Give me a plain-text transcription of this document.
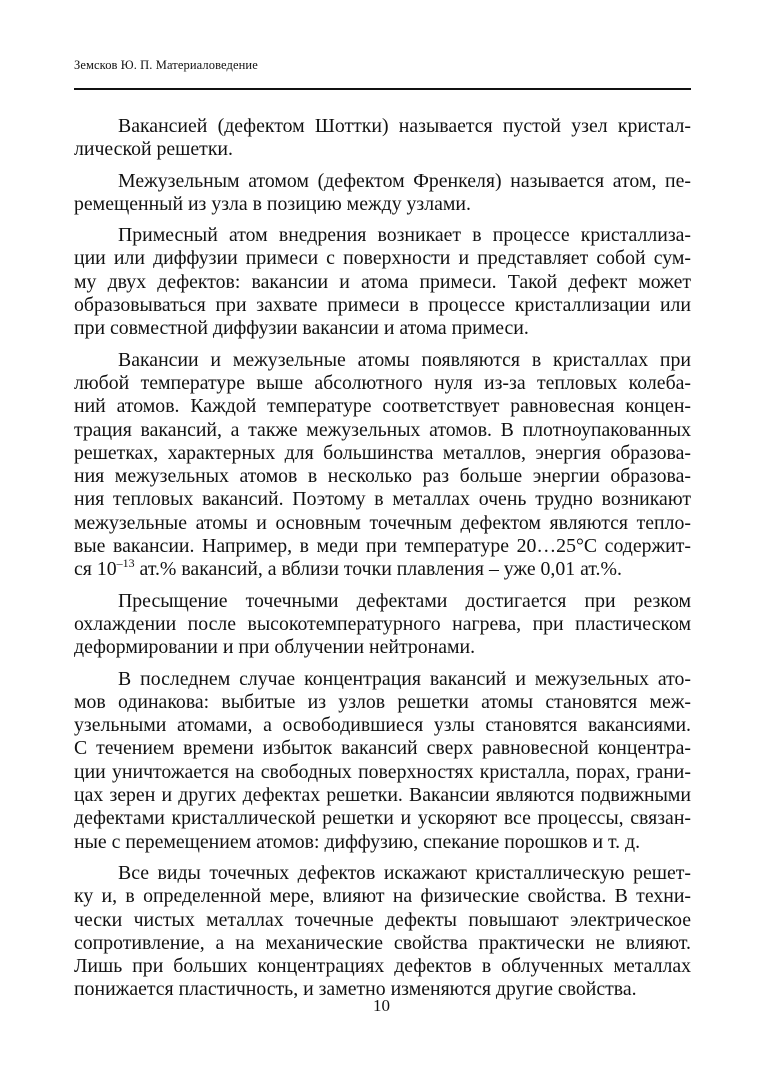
Земсков Ю. П. Материаловедение
Вакансией (дефектом Шоттки) называется пустой узел кристал-
лической решетки.
Межузельным атомом (дефектом Френкеля) называется атом, пе-
ремещенный из узла в позицию между узлами.
Примесный атом внедрения возникает в процессе кристаллиза-
ции или диффузии примеси с поверхности и представляет собой сум-
му двух дефектов: вакансии и атома примеси. Такой дефект может
образовываться при захвате примеси в процессе кристаллизации или
при совместной диффузии вакансии и атома примеси.
Вакансии и межузельные атомы появляются в кристаллах при
любой температуре выше абсолютного нуля из-за тепловых колеба-
ний атомов. Каждой температуре соответствует равновесная концен-
трация вакансий, а также межузельных атомов. В плотноупакованных
решетках, характерных для большинства металлов, энергия образова-
ния межузельных атомов в несколько раз больше энергии образова-
ния тепловых вакансий. Поэтому в металлах очень трудно возникают
межузельные атомы и основным точечным дефектом являются тепло-
вые вакансии. Например, в меди при температуре 20…25°С содержит-
ся $10^{-13}$ ат.% вакансий, а вблизи точки плавления – уже 0,01 ат.%.
Пресыщение точечными дефектами достигается при резком
охлаждении после высокотемпературного нагрева, при пластическом
деформировании и при облучении нейтронами.
В последнем случае концентрация вакансий и межузельных ато-
мов одинакова: выбитые из узлов решетки атомы становятся меж-
узельными атомами, а освободившиеся узлы становятся вакансиями.
С течением времени избыток вакансий сверх равновесной концентра-
ции уничтожается на свободных поверхностях кристалла, порах, грани-
цах зерен и других дефектах решетки. Вакансии являются подвижными
дефектами кристаллической решетки и ускоряют все процессы, связан-
ные с перемещением атомов: диффузию, спекание порошков и т. д.
Все виды точечных дефектов искажают кристаллическую решет-
ку и, в определенной мере, влияют на физические свойства. В техни-
чески чистых металлах точечные дефекты повышают электрическое
сопротивление, а на механические свойства практически не влияют.
Лишь при больших концентрациях дефектов в облученных металлах
понижается пластичность, и заметно изменяются другие свойства.
10
